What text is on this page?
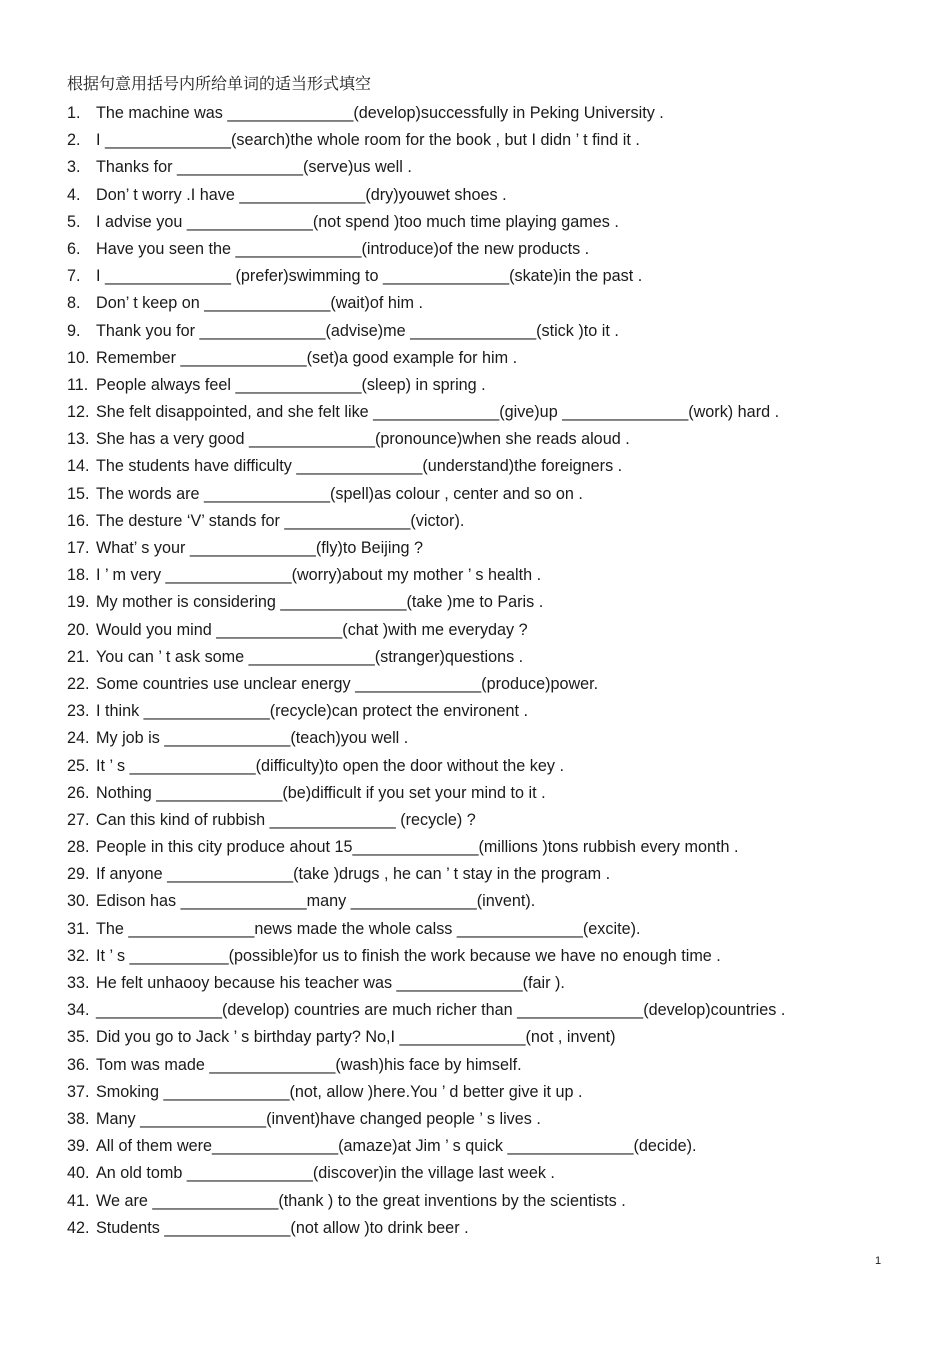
根据句意用括号内所给单词的适当形式填空
1. The machine was ______________(develop)successfully in Peking University .
2. I ______________(search)the whole room for the book , but I didn ’ t find it .
3. Thanks for ______________(serve)us well .
4. Don’ t worry .I have ______________(dry)youwet shoes .
5. I advise you ______________(not spend )too much time playing games .
6. Have you seen the ______________(introduce)of the new products .
7. I ______________ (prefer)swimming to ______________(skate)in the past .
8. Don’ t keep on ______________(wait)of him .
9. Thank you for ______________(advise)me ______________(stick )to it .
10. Remember ______________(set)a good example for him .
11. People always feel ______________(sleep) in spring .
12. She felt disappointed, and she felt like ______________(give)up ______________(work) hard .
13. She has a very good ______________(pronounce)when she reads aloud .
14. The students have difficulty ______________(understand)the foreigners .
15. The words are ______________(spell)as colour , center and so on .
16. The desture ‘V’ stands for ______________(victor).
17. What’ s your ______________(fly)to Beijing ?
18. I ’ m very ______________(worry)about my mother ’ s health .
19. My mother is considering ______________(take )me to Paris .
20. Would you mind ______________(chat )with me everyday ?
21. You can ’ t ask some ______________(stranger)questions .
22. Some countries use unclear energy ______________(produce)power.
23. I think ______________(recycle)can protect the environent .
24. My job is ______________(teach)you well .
25. It ’ s ______________(difficulty)to open the door without the key .
26. Nothing ______________(be)difficult if you set your mind to it .
27. Can this kind of rubbish ______________ (recycle) ?
28. People in this city produce ahout 15______________(millions )tons rubbish every month .
29. If anyone ______________(take )drugs , he can ’ t stay in the program .
30. Edison has ______________many ______________(invent).
31. The ______________news made the whole calss ______________(excite).
32. It ’ s ___________(possible)for us to finish the work because we have no enough time .
33. He felt unhaooy because his teacher was ______________(fair ).
34. ______________(develop) countries are much richer than ______________(develop)countries .
35. Did you go to Jack ’ s birthday party? No,I ______________(not , invent)
36. Tom was made ______________(wash)his face by himself.
37. Smoking ______________(not, allow )here.You ’ d better give it up .
38. Many ______________(invent)have changed people ’ s lives .
39. All of them were______________(amaze)at Jim ’ s quick ______________(decide).
40. An old tomb ______________(discover)in the village last week .
41. We are ______________(thank ) to the great inventions by the scientists .
42. Students ______________(not allow )to drink beer .
1
